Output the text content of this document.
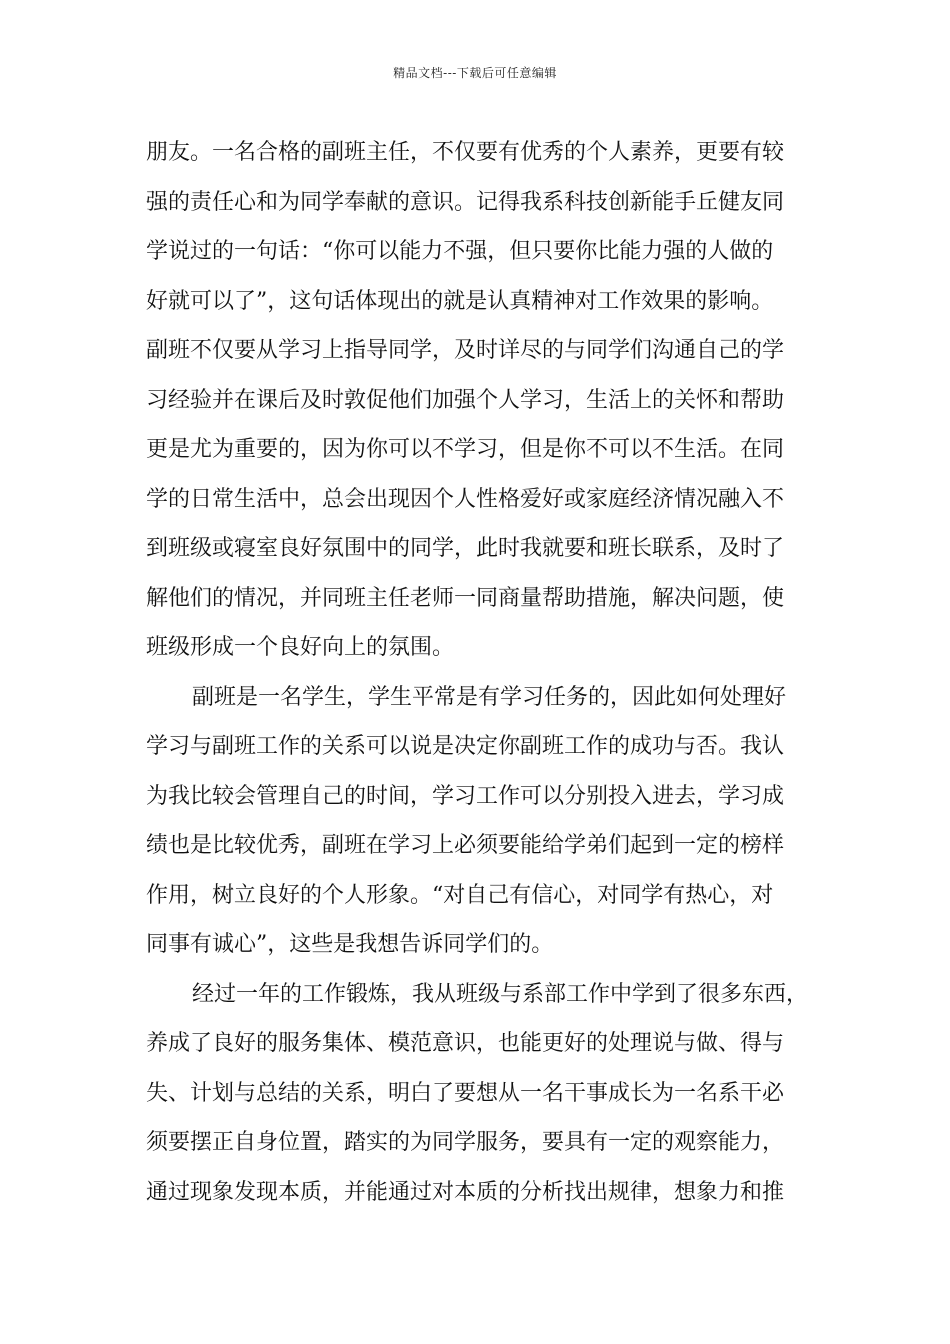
精品文档---下载后可任意编辑
朋友。一名合格的副班主任，不仅要有优秀的个人素养，更要有较
强的责任心和为同学奉献的意识。记得我系科技创新能手丘健友同
学说过的一句话：“你可以能力不强，但只要你比能力强的人做的
好就可以了”，这句话体现出的就是认真精神对工作效果的影响。
副班不仅要从学习上指导同学，及时详尽的与同学们沟通自己的学
习经验并在课后及时敦促他们加强个人学习，生活上的关怀和帮助
更是尤为重要的，因为你可以不学习，但是你不可以不生活。在同
学的日常生活中，总会出现因个人性格爱好或家庭经济情况融入不
到班级或寝室良好氛围中的同学，此时我就要和班长联系，及时了
解他们的情况，并同班主任老师一同商量帮助措施，解决问题，使
班级形成一个良好向上的氛围。
副班是一名学生，学生平常是有学习任务的，因此如何处理好
学习与副班工作的关系可以说是决定你副班工作的成功与否。我认
为我比较会管理自己的时间，学习工作可以分别投入进去，学习成
绩也是比较优秀，副班在学习上必须要能给学弟们起到一定的榜样
作用，树立良好的个人形象。“对自己有信心，对同学有热心，对
同事有诚心”，这些是我想告诉同学们的。
经过一年的工作锻炼，我从班级与系部工作中学到了很多东西，
养成了良好的服务集体、模范意识，也能更好的处理说与做、得与
失、计划与总结的关系，明白了要想从一名干事成长为一名系干必
须要摆正自身位置，踏实的为同学服务，要具有一定的观察能力，
通过现象发现本质，并能通过对本质的分析找出规律，想象力和推
